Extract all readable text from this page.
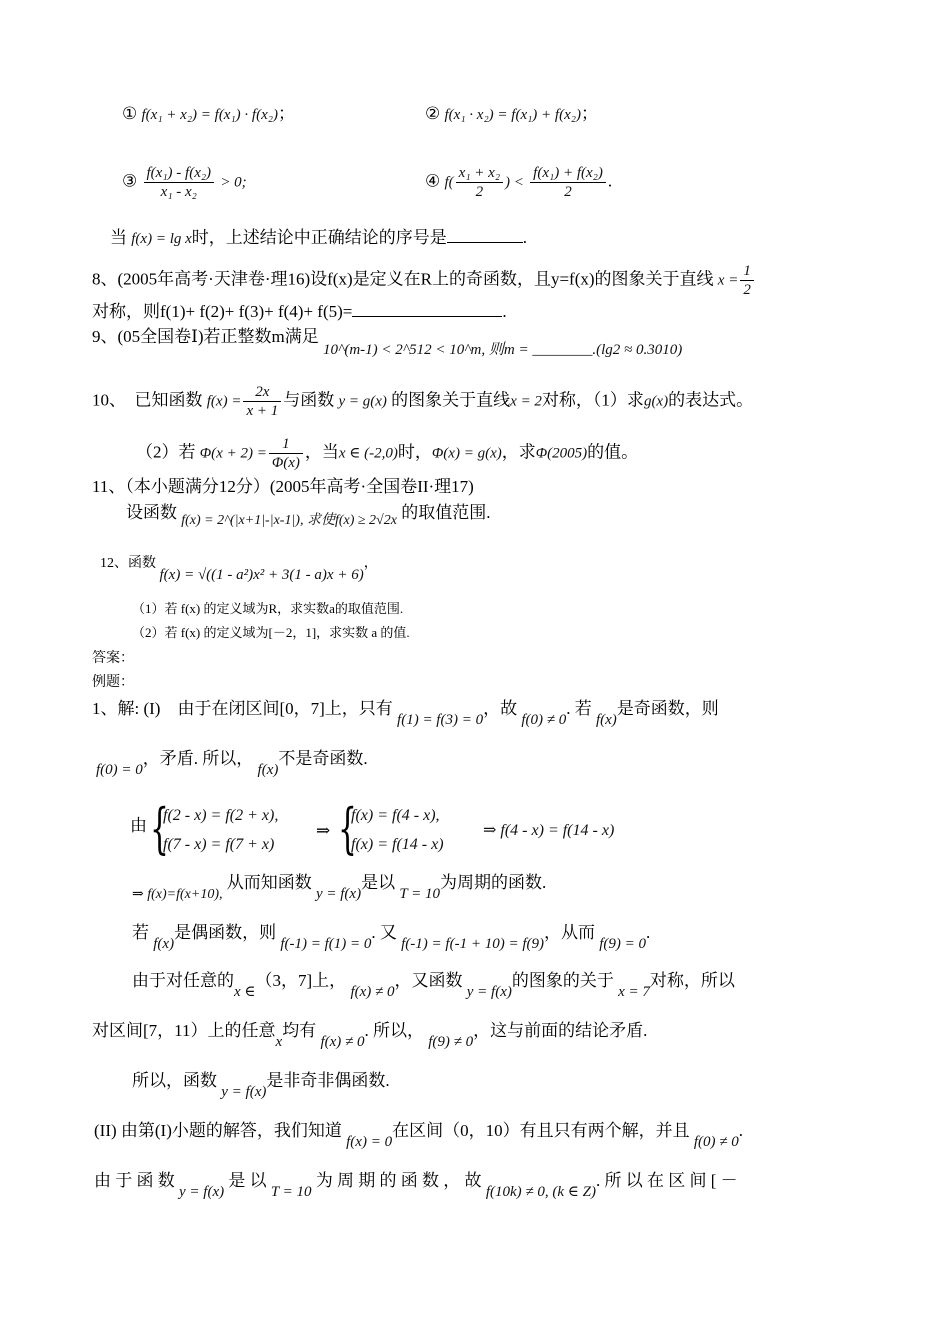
① f(x₁ + x₂) = f(x₁) · f(x₂)；	② f(x₁ · x₂) = f(x₁) + f(x₂)；
③ $\frac{\text{f(x₁) - f(x₂)}}{\text{x₁ - x₂}} > 0$;	④ $f( \frac{\text{x₁ + x₂}}{2}$ ) < $\frac{\text{f(x₁) + f(x₂)}}{2}$ .
当 f(x) = lg x时，上述结论中正确结论的序号是	.
8、(2005年高考·天津卷·理16)设f(x)是定义在R上的奇函数，且y=f(x)的图象关于直线 $x = \frac{1}{2}$
对称，则f(1)+ f(2)+ f(3)+ f(4)+ f(5)=	.
9、(05全国卷Ⅰ)若正整数m满足 10^(m-1) < 2^512 < 10^m, 则m = ________.(lg2 ≈ 0.3010)
10、 已知函数 $f(x) = \frac{2x}{x + 1}$ 与函数 y = g(x) 的图象关于直线x = 2对称，（1）求g(x)的表达式。
（2）若 $\Phi(x + 2) = \frac{1}{\Phi(x)}$ ，当x ∈ (-2,0)时，Φ(x) = g(x)，求Φ(2005)的值。
11、（本小题满分12分）(2005年高考·全国卷II·理17)
设函数 $_{f(x) = 2\^{}(|x+1|-|x-1|), 求使f(x) \ge 2√2x}$ 的取值范围.
12、函数 f(x) = √((1 - a²)x² + 3(1 - a)x + 6)，
（1）若 f(x) 的定义域为R，求实数a的取值范围.
（2）若 f(x) 的定义域为[－2，1]，求实数 a 的值.
答案：
例题：
1、解: (I)　由于在闭区间[0，7]上，只有 f(1) = f(3) = 0，故 f(0) ≠ 0. 若 f(x)是奇函数，则
f(0) = 0，矛盾. 所以， f(x)不是奇函数.
由 {
f(2 - x) = f(2 + x),
f(7 - x) = f(7 + x)
⇒ {
f(x) = f(4 - x),
f(x) = f(14 - x)
⇒ f(4 - x) = f(14 - x)
$_{\Rightarrow f(x)=f(x+10),}$ 从而知函数 y = f(x)是以 T = 10为周期的函数.
若 f(x)是偶函数，则 f(-1) = f(1) = 0. 又 f(-1) = f(-1 + 10) = f(9)，从而 f(9) = 0.
由于对任意的x ∈（3，7]上， f(x) ≠ 0，又函数 y = f(x)的图象的关于 x = 7对称，所以
对区间[7，11）上的任意x均有 f(x) ≠ 0. 所以， f(9) ≠ 0，这与前面的结论矛盾.
所以，函数 y = f(x)是非奇非偶函数.
(II) 由第(I)小题的解答，我们知道 f(x) = 0在区间（0，10）有且只有两个解，并且 f(0) ≠ 0.
由 于 函 数 y = f(x) 是 以 T = 10 为 周 期 的 函 数 ， 故 f(10k) ≠ 0, (k ∈ Z). 所 以 在 区 间 [ －
